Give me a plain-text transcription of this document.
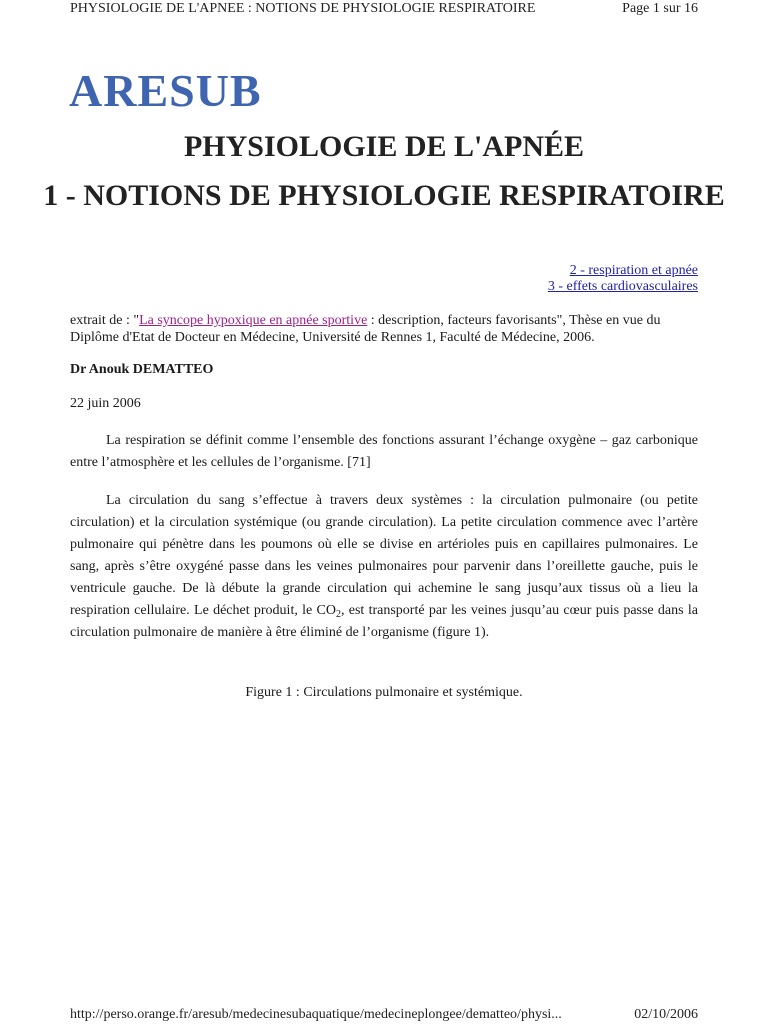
PHYSIOLOGIE DE L'APNEE : NOTIONS DE PHYSIOLOGIE RESPIRATOIRE	Page 1 sur 16
ARESUB
PHYSIOLOGIE DE L'APNÉE
1 - NOTIONS DE PHYSIOLOGIE RESPIRATOIRE
2 - respiration et apnée
3 - effets cardiovasculaires
extrait de : "La syncope hypoxique en apnée sportive : description, facteurs favorisants", Thèse en vue du Diplôme d'Etat de Docteur en Médecine, Université de Rennes 1, Faculté de Médecine, 2006.
Dr Anouk DEMATTEO
22 juin 2006
La respiration se définit comme l’ensemble des fonctions assurant l’échange oxygène – gaz carbonique entre l’atmosphère et les cellules de l’organisme. [71]
La circulation du sang s’effectue à travers deux systèmes : la circulation pulmonaire (ou petite circulation) et la circulation systémique (ou grande circulation). La petite circulation commence avec l’artère pulmonaire qui pénètre dans les poumons où elle se divise en artérioles puis en capillaires pulmonaires. Le sang, après s’être oxygéné passe dans les veines pulmonaires pour parvenir dans l’oreillette gauche, puis le ventricule gauche. De là débute la grande circulation qui achemine le sang jusqu’aux tissus où a lieu la respiration cellulaire. Le déchet produit, le $CO_2$, est transporté par les veines jusqu’au cœur puis passe dans la circulation pulmonaire de manière à être éliminé de l’organisme (figure 1).
Figure 1 : Circulations pulmonaire et systémique.
http://perso.orange.fr/aresub/medecinesubaquatique/medecineplongee/dematteo/physi...	02/10/2006
